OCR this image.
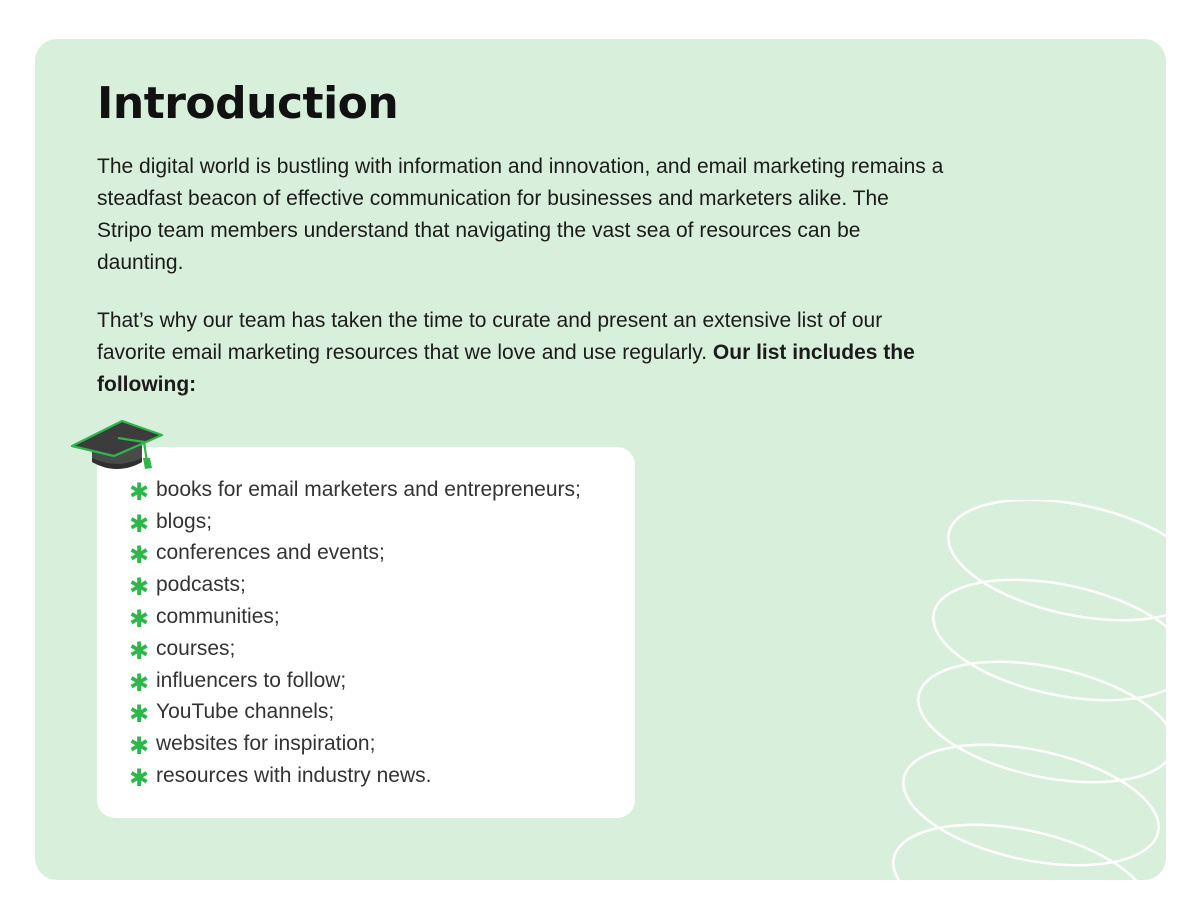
Introduction

The digital world is bustling with information and innovation, and email marketing remains a steadfast beacon of effective communication for businesses and marketers alike. The Stripo team members understand that navigating the vast sea of resources can be daunting.

That’s why our team has taken the time to curate and present an extensive list of our favorite email marketing resources that we love and use regularly. Our list includes the following:

✱ books for email marketers and entrepreneurs;
✱ blogs;
✱ conferences and events;
✱ podcasts;
✱ communities;
✱ courses;
✱ influencers to follow;
✱ YouTube channels;
✱ websites for inspiration;
✱ resources with industry news.
